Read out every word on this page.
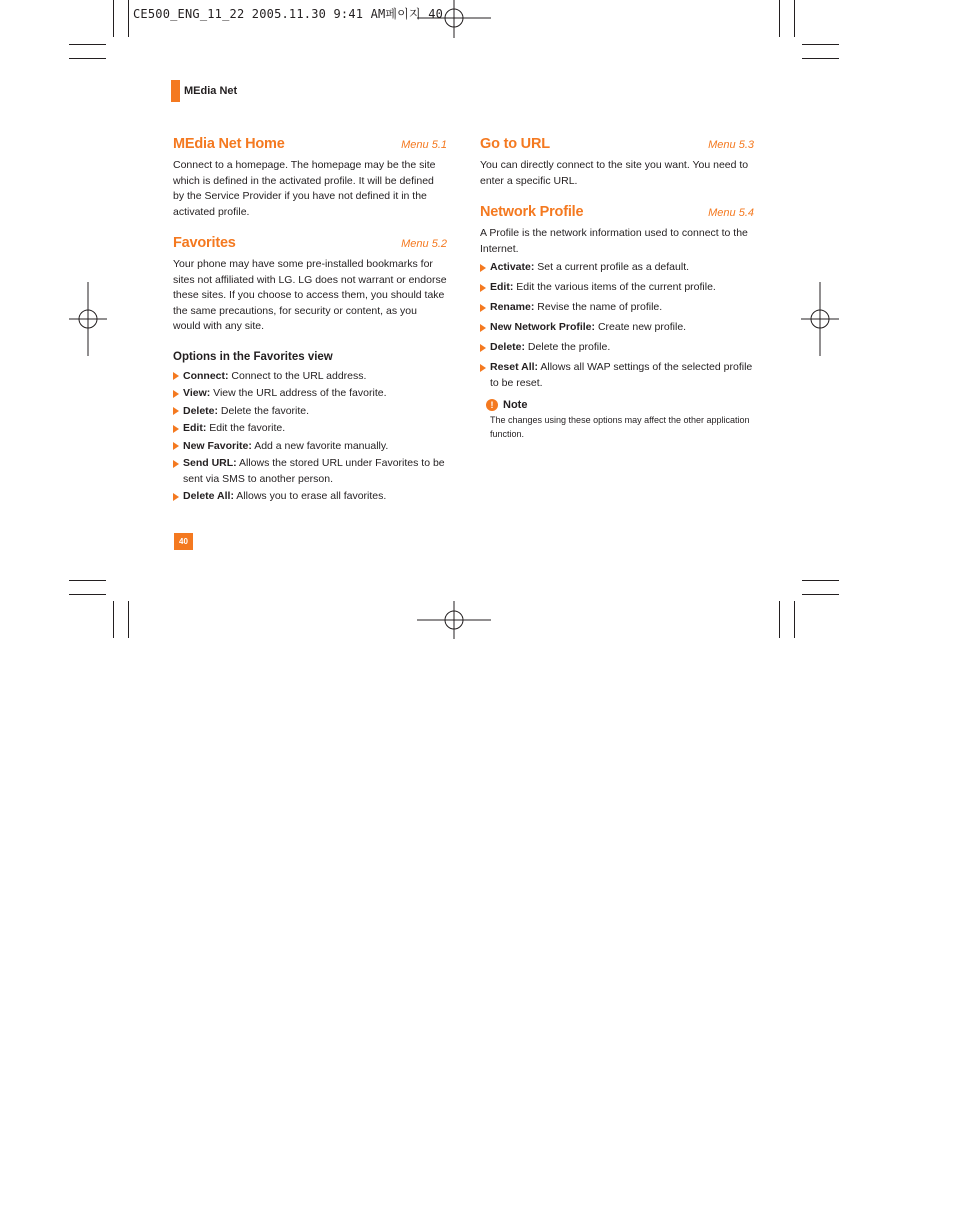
CE500_ENG_11_22 2005.11.30 9:41 AM페이지 40
MEdia Net
MEdia Net Home	Menu 5.1

Connect to a homepage. The homepage may be the site which is defined in the activated profile. It will be defined by the Service Provider if you have not defined it in the activated profile.

Favorites	Menu 5.2

Your phone may have some pre-installed bookmarks for sites not affiliated with LG. LG does not warrant or endorse these sites. If you choose to access them, you should take the same precautions, for security or content, as you would with any site.

Options in the Favorites view
Connect: Connect to the URL address.
View: View the URL address of the favorite.
Delete: Delete the favorite.
Edit: Edit the favorite.
New Favorite: Add a new favorite manually.
Send URL: Allows the stored URL under Favorites to be sent via SMS to another person.
Delete All: Allows you to erase all favorites.
Go to URL	Menu 5.3

You can directly connect to the site you want. You need to enter a specific URL.

Network Profile	Menu 5.4

A Profile is the network information used to connect to the Internet.

Activate: Set a current profile as a default.
Edit: Edit the various items of the current profile.
Rename: Revise the name of profile.
New Network Profile: Create new profile.
Delete: Delete the profile.
Reset All: Allows all WAP settings of the selected profile to be reset.
! Note

The changes using these options may affect the other application function.

40
